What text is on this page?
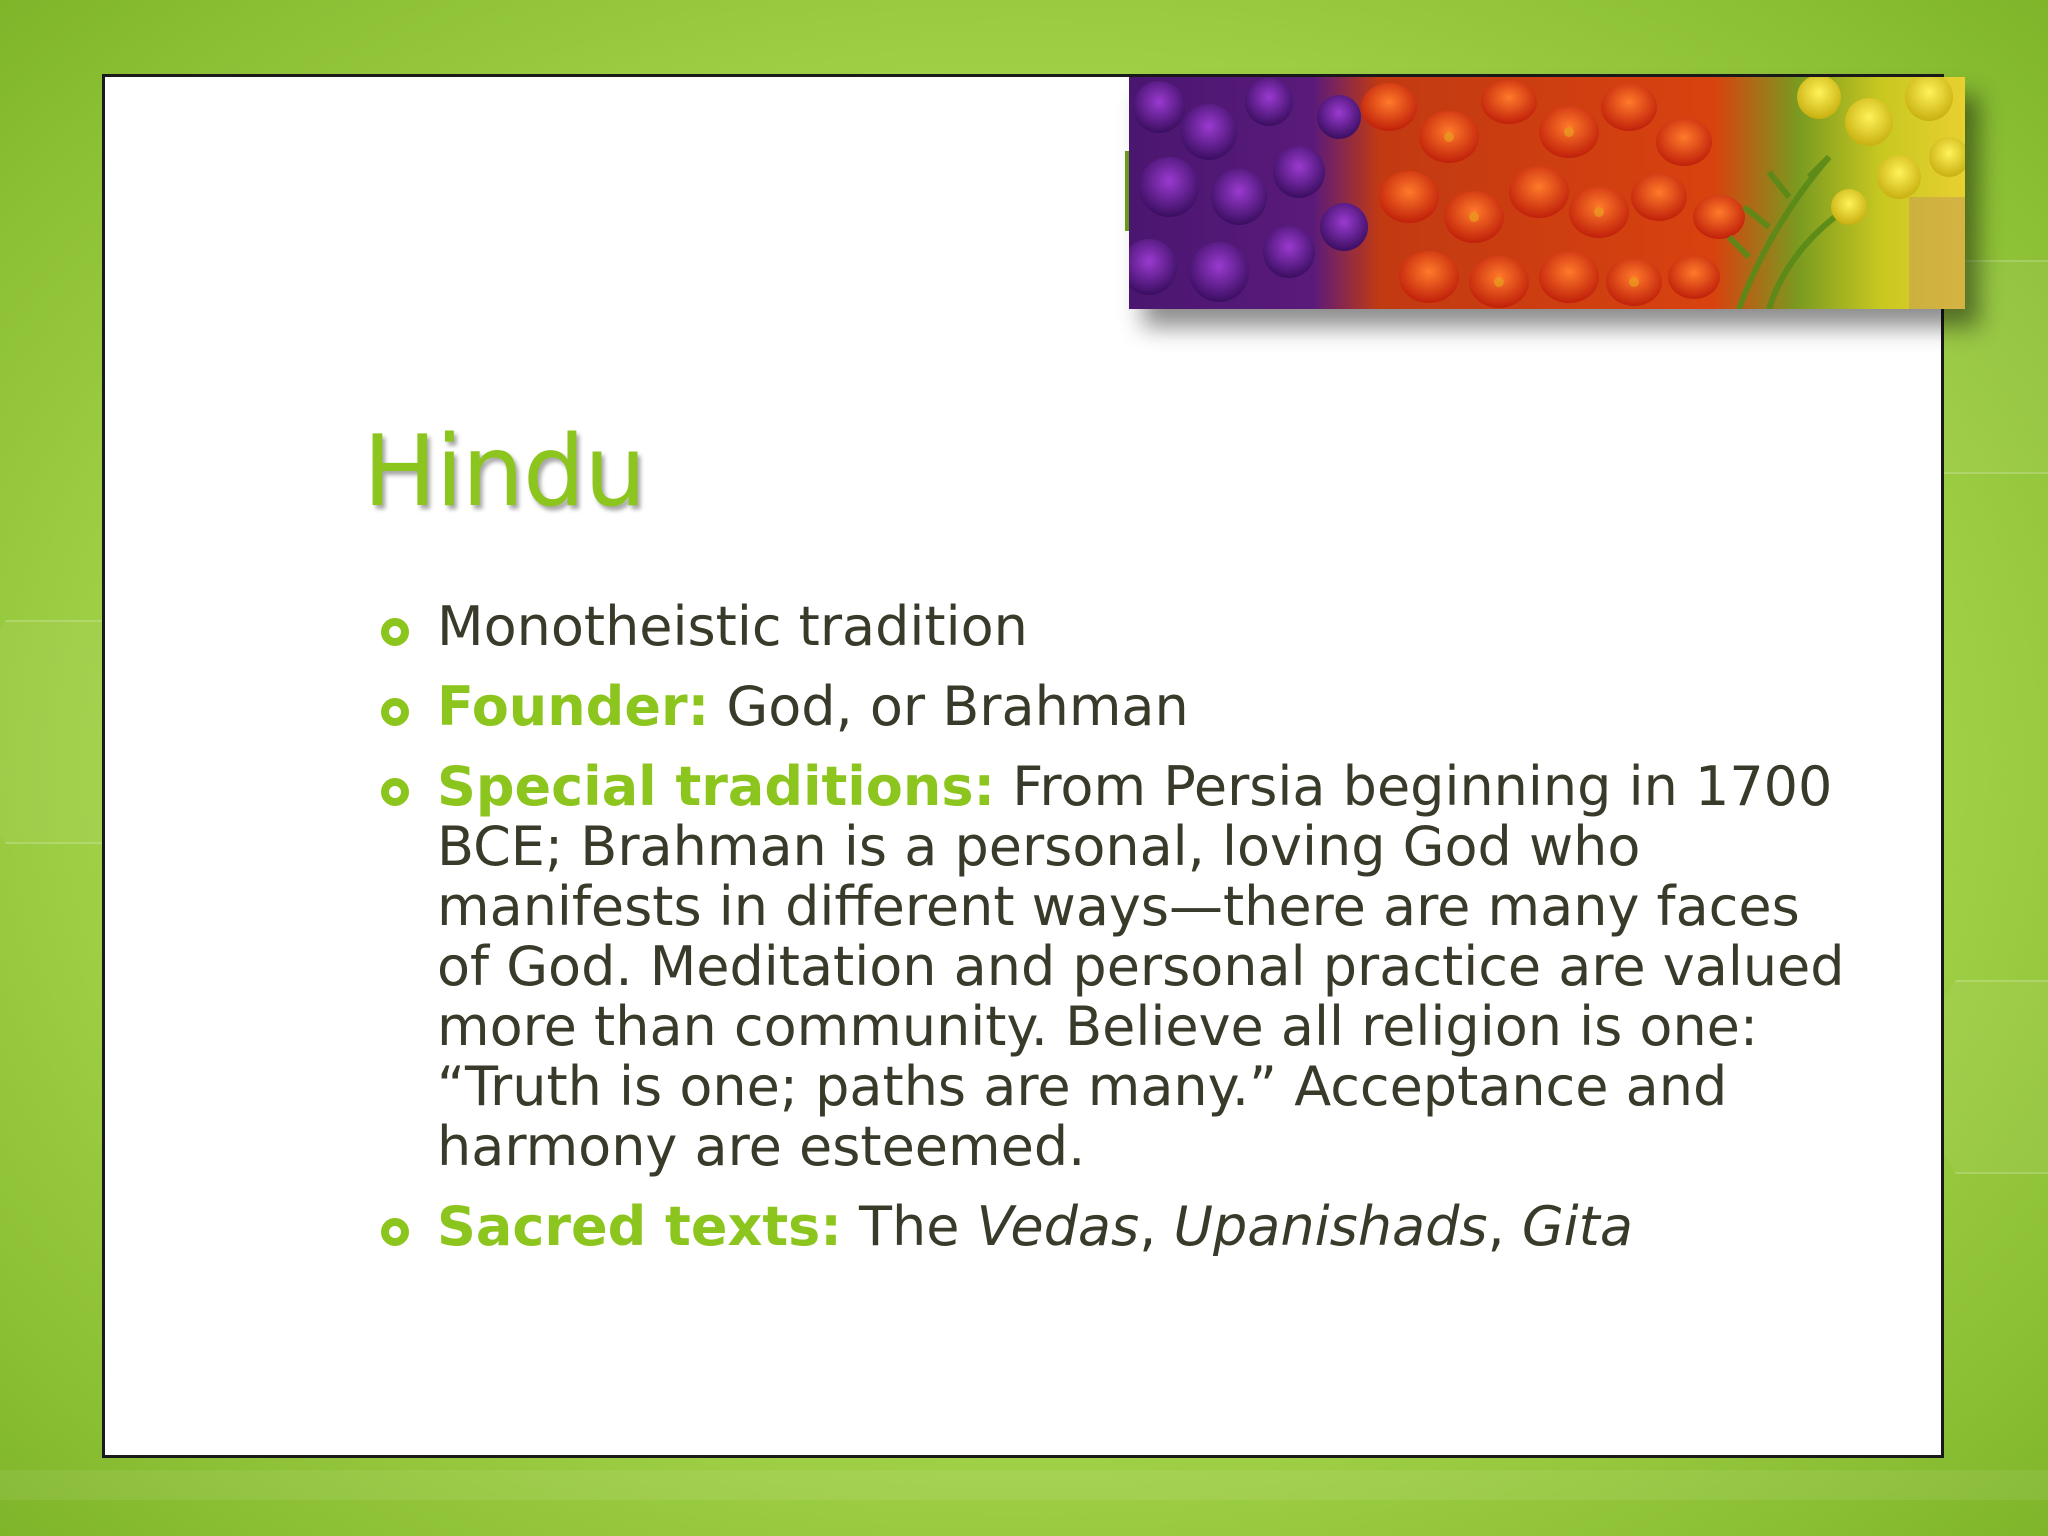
Hindu
Monotheistic tradition
Founder: God, or Brahman
Special traditions: From Persia beginning in 1700 BCE; Brahman is a personal, loving God who manifests in different ways—there are many faces of God. Meditation and personal practice are valued more than community. Believe all religion is one: “Truth is one; paths are many.” Acceptance and harmony are esteemed.
Sacred texts: The Vedas, Upanishads, Gita
